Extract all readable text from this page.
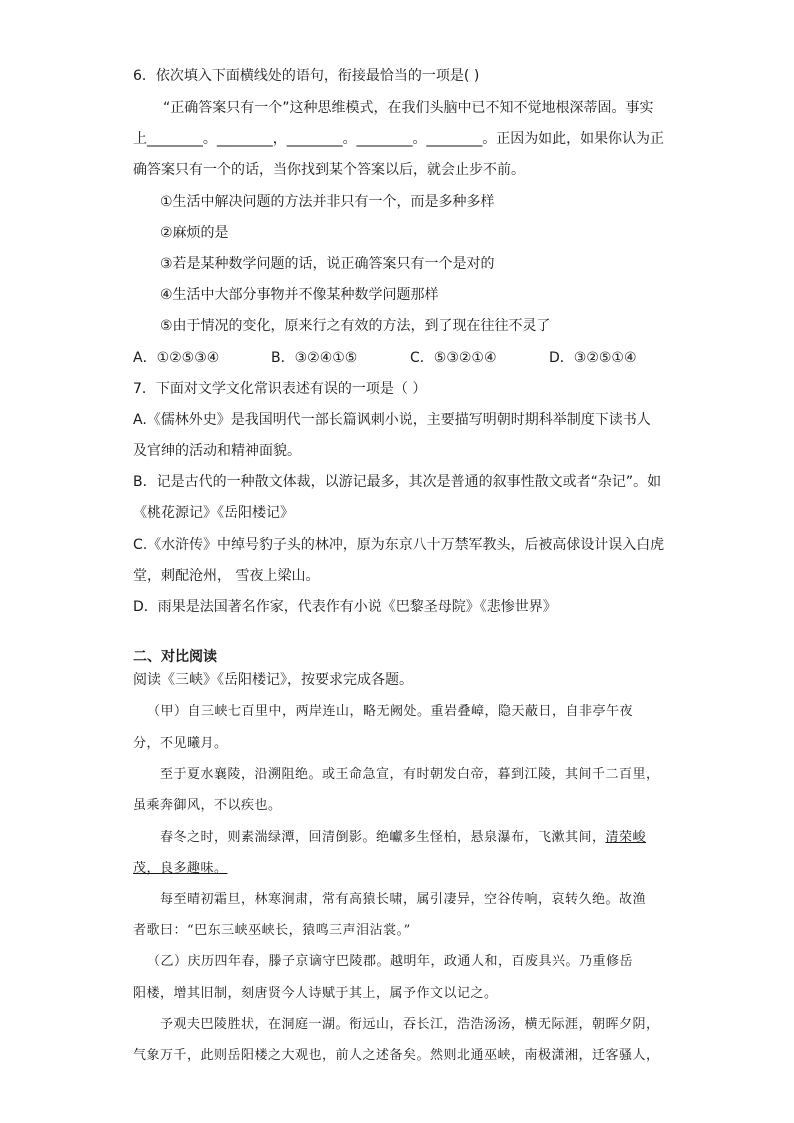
6．依次填入下面横线处的语句，衔接最恰当的一项是( )
“正确答案只有一个”这种思维模式，在我们头脑中已不知不觉地根深蒂固。事实
上________。________，________。________。________。正因为如此，如果你认为正
确答案只有一个的话，当你找到某个答案以后，就会止步不前。
①生活中解决问题的方法并非只有一个，而是多种多样
②麻烦的是
③若是某种数学问题的话，说正确答案只有一个是对的
④生活中大部分事物并不像某种数学问题那样
⑤由于情况的变化，原来行之有效的方法，到了现在往往不灵了
A．①②⑤③④	B．③②④①⑤	C．⑤③②①④	D．③②⑤①④
7．下面对文学文化常识表述有误的一项是（ ）
A.《儒林外史》是我国明代一部长篇讽刺小说，主要描写明朝时期科举制度下读书人
及官绅的活动和精神面貌。
B．记是古代的一种散文体裁，以游记最多，其次是普通的叙事性散文或者“杂记”。如
《桃花源记》《岳阳楼记》
C.《水浒传》中绰号豹子头的林冲，原为东京八十万禁军教头，后被高俅设计误入白虎
堂，刺配沧州， 雪夜上梁山。
D．雨果是法国著名作家，代表作有小说《巴黎圣母院》《悲惨世界》
二、对比阅读
阅读《三峡》《岳阳楼记》，按要求完成各题。
（甲）自三峡七百里中，两岸连山，略无阙处。重岩叠嶂，隐天蔽日，自非亭午夜
分，不见曦月。
至于夏水襄陵，沿溯阻绝。或王命急宣，有时朝发白帝，暮到江陵，其间千二百里，
虽乘奔御风，不以疾也。
春冬之时，则素湍绿潭，回清倒影。绝巘多生怪柏，悬泉瀑布，飞漱其间，清荣峻
茂，良多趣味。
每至晴初霜旦，林寒涧肃，常有高猿长啸，属引凄异，空谷传响，哀转久绝。故渔
者歌曰：“巴东三峡巫峡长，猿鸣三声泪沾裳。”
（乙）庆历四年春，滕子京谪守巴陵郡。越明年，政通人和，百废具兴。乃重修岳
阳楼，增其旧制，刻唐贤今人诗赋于其上，属予作文以记之。
予观夫巴陵胜状，在洞庭一湖。衔远山，吞长江，浩浩汤汤，横无际涯，朝晖夕阴，
气象万千，此则岳阳楼之大观也，前人之述备矣。然则北通巫峡，南极潇湘，迁客骚人，
